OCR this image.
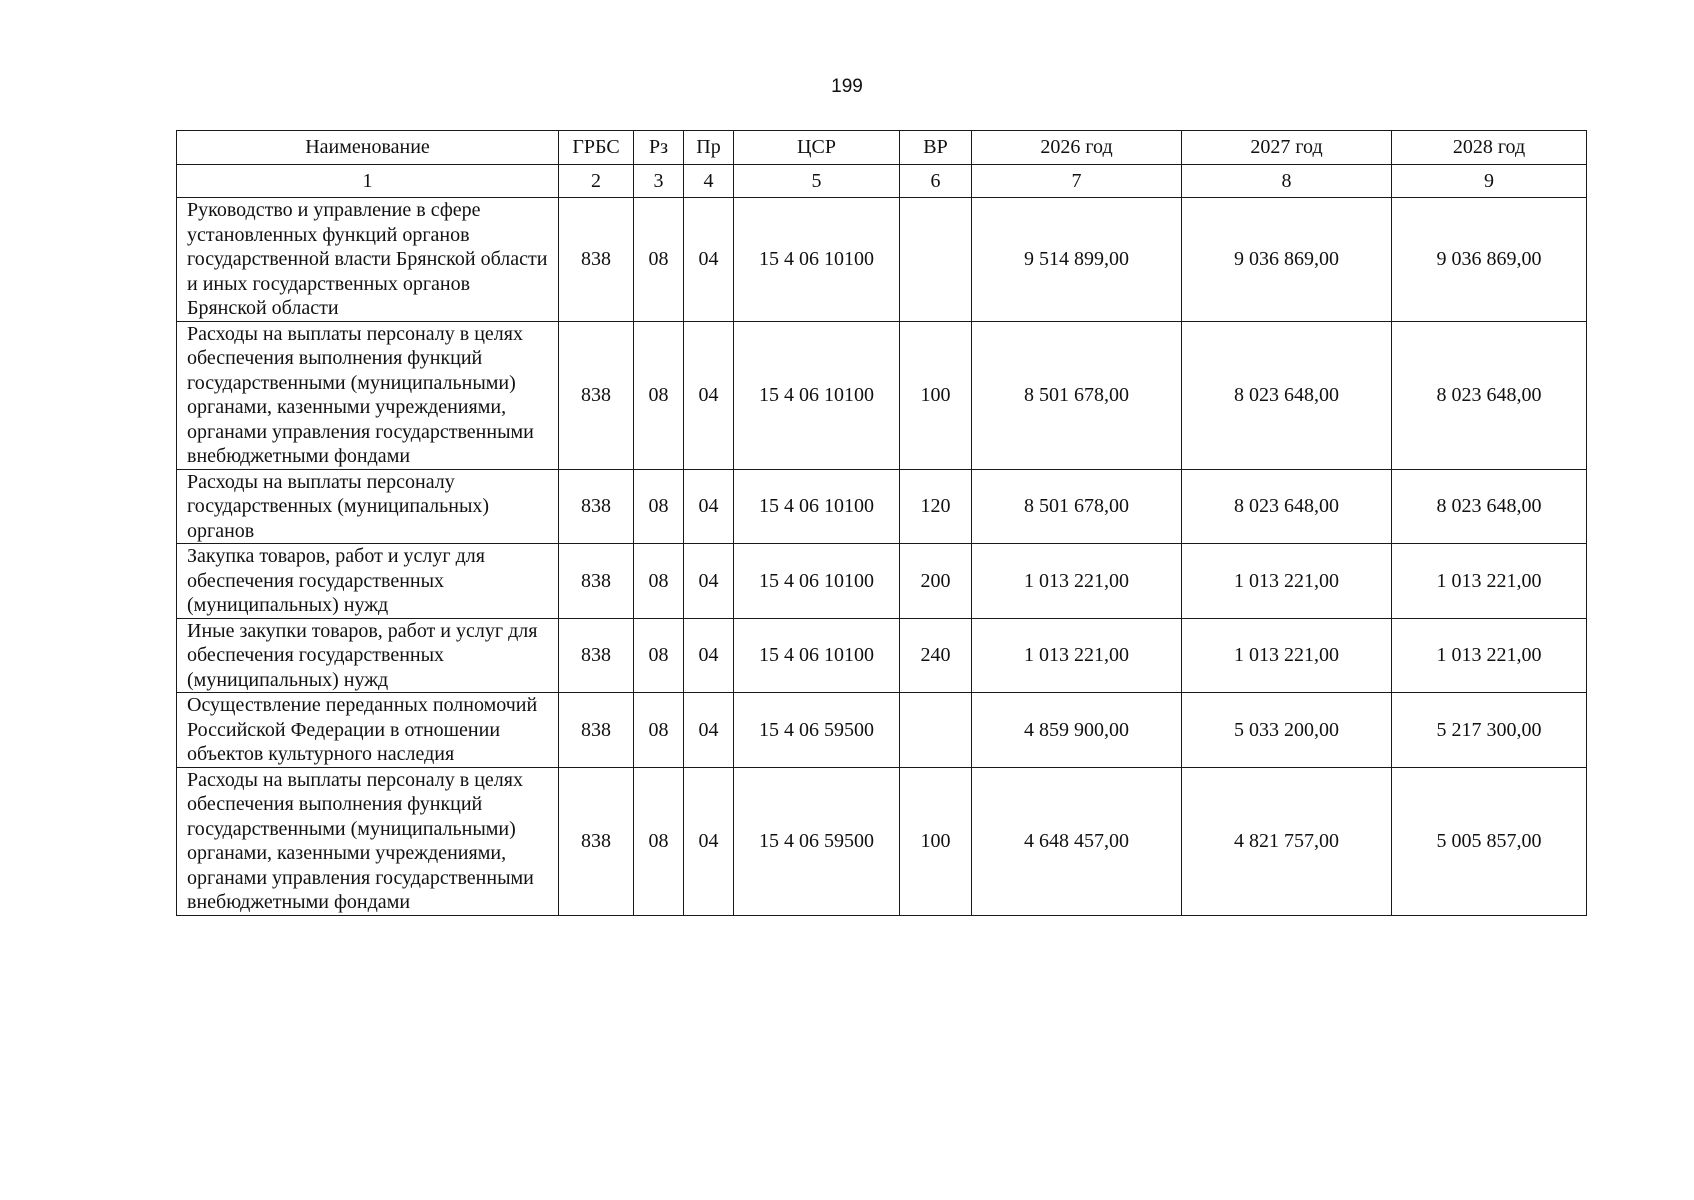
199
Наименование	ГРБС	Рз	Пр	ЦСР	ВР	2026 год	2027 год	2028 год
1	2	3	4	5	6	7	8	9
Руководство и управление в сфере установленных функций органов государственной власти Брянской области и иных государственных органов Брянской области	838	08	04	15 4 06 10100		9 514 899,00	9 036 869,00	9 036 869,00
Расходы на выплаты персоналу в целях обеспечения выполнения функций государственными (муниципальными) органами, казенными учреждениями, органами управления государственными внебюджетными фондами	838	08	04	15 4 06 10100	100	8 501 678,00	8 023 648,00	8 023 648,00
Расходы на выплаты персоналу государственных (муниципальных) органов	838	08	04	15 4 06 10100	120	8 501 678,00	8 023 648,00	8 023 648,00
Закупка товаров, работ и услуг для обеспечения государственных (муниципальных) нужд	838	08	04	15 4 06 10100	200	1 013 221,00	1 013 221,00	1 013 221,00
Иные закупки товаров, работ и услуг для обеспечения государственных (муниципальных) нужд	838	08	04	15 4 06 10100	240	1 013 221,00	1 013 221,00	1 013 221,00
Осуществление переданных полномочий Российской Федерации в отношении объектов культурного наследия	838	08	04	15 4 06 59500		4 859 900,00	5 033 200,00	5 217 300,00
Расходы на выплаты персоналу в целях обеспечения выполнения функций государственными (муниципальными) органами, казенными учреждениями, органами управления государственными внебюджетными фондами	838	08	04	15 4 06 59500	100	4 648 457,00	4 821 757,00	5 005 857,00
